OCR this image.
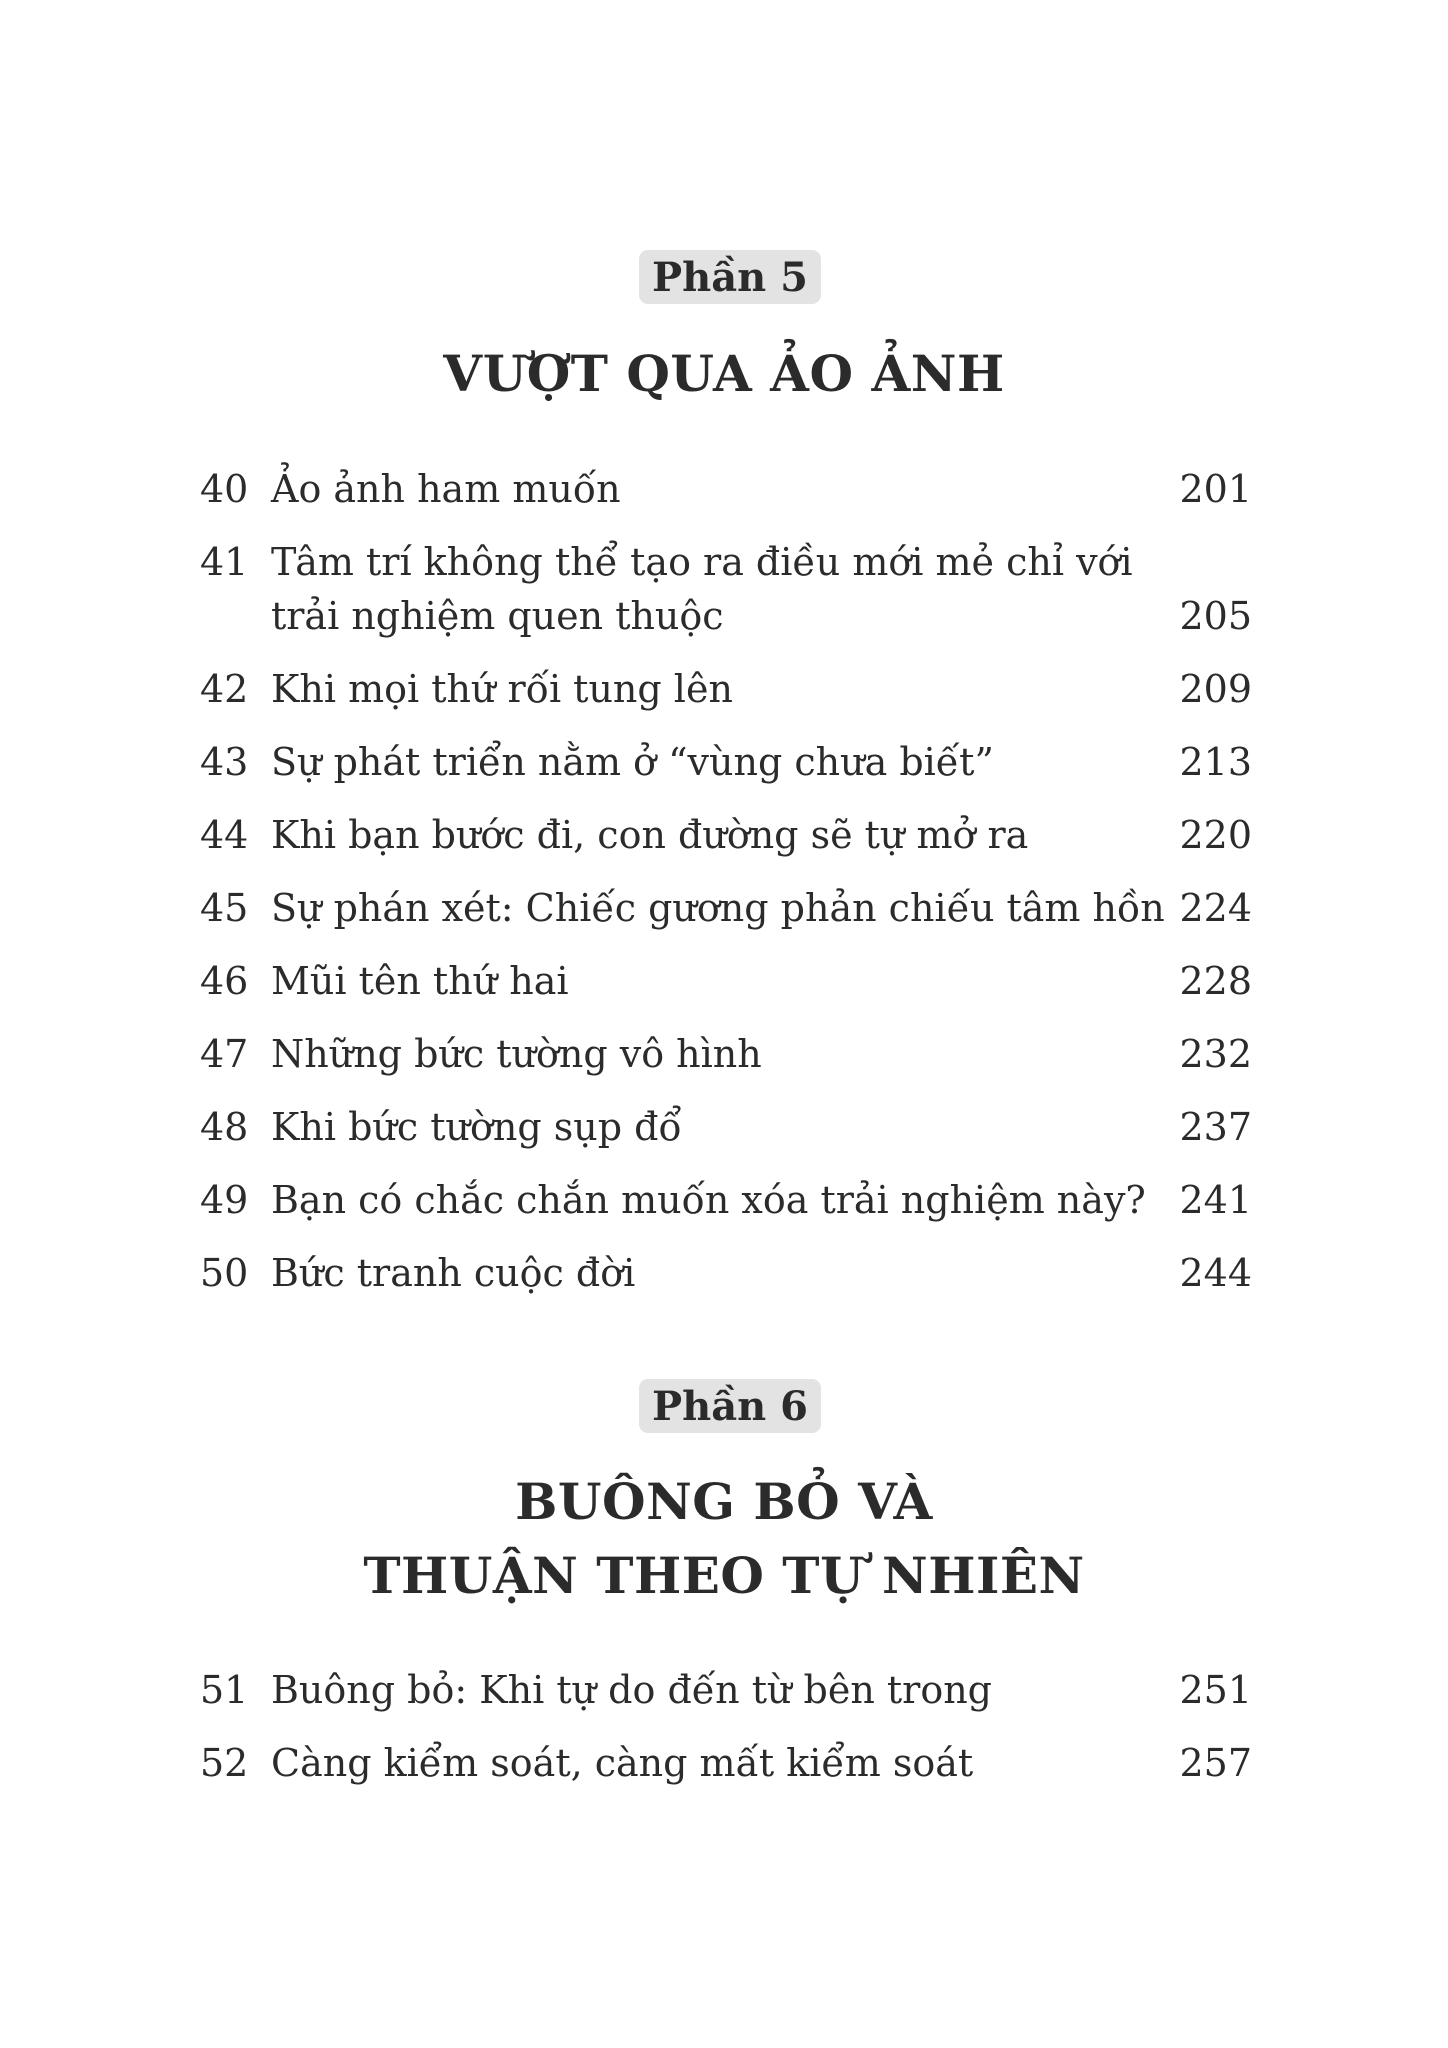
Phần 5
VƯỢT QUA ẢO ẢNH
40 Ảo ảnh ham muốn	201
41 Tâm trí không thể tạo ra điều mới mẻ chỉ với
trải nghiệm quen thuộc	205
42 Khi mọi thứ rối tung lên	209
43 Sự phát triển nằm ở “vùng chưa biết”	213
44 Khi bạn bước đi, con đường sẽ tự mở ra	220
45 Sự phán xét: Chiếc gương phản chiếu tâm hồn 224
46 Mũi tên thứ hai	228
47 Những bức tường vô hình	232
48 Khi bức tường sụp đổ	237
49 Bạn có chắc chắn muốn xóa trải nghiệm này? 241
50 Bức tranh cuộc đời	244
Phần 6
BUÔNG BỎ VÀ
THUẬN THEO TỰ NHIÊN
51 Buông bỏ: Khi tự do đến từ bên trong	251
52 Càng kiểm soát, càng mất kiểm soát	257
